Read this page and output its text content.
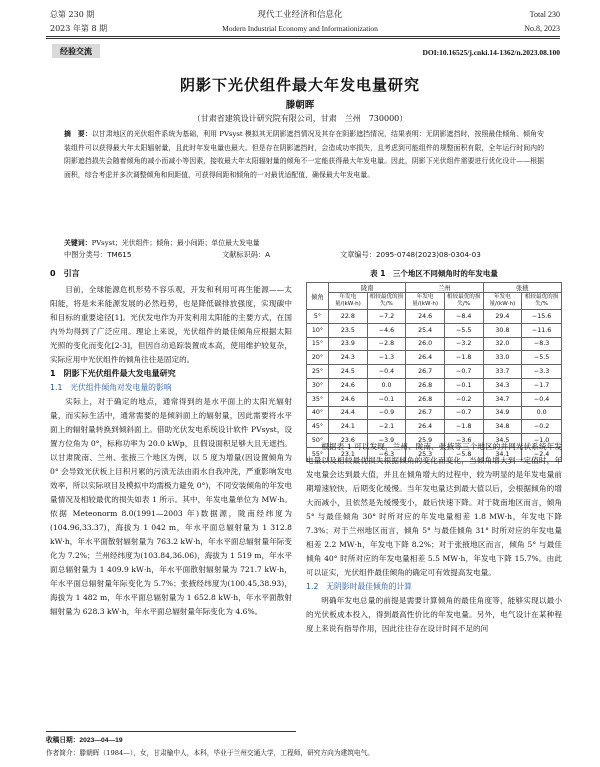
总第 230 期
2023 年第 8 期
现代工业经济和信息化
Modern Industrial Economy and Informationization
Total 230
No.8, 2023
经验交流	DOI:10.16525/j.cnki.14-1362/n.2023.08.100
阴影下光伏组件最大年发电量研究
滕朝晖
（甘肃省建筑设计研究院有限公司，甘肃　兰州　730000）
摘　要：以甘肃地区的光伏组件系统为基础，利用 PVsyst 模拟其无阴影遮挡情况及其存在阴影遮挡情况，结果表明：无阴影遮挡时，按照最佳倾角、倾角安装组件可以获得最大年太阳辐射量，且此时年发电量也最大。但是存在阴影遮挡时，会造成功率损失，且考虑到可能组件的规整面积有限，全年运行时间内的阴影遮挡损失会随着倾角的减小而减小等因素，接收最大年太阳辐射量的倾角不一定能获得最大年发电量。因此，阴影下光伏组件需要进行优化设计——根据面积，综合考虑并多次调整倾角和间距值，可获得间距和倾角的一对最优适配值，确保最大年发电量。
关键词：PVsyst；光伏组件；倾角；最小间距；单位最大发电量
中图分类号：TM615	文献标识码：A	文章编号：2095-0748(2023)08-0304-03
0　引言

目前，全球能源危机形势不容乐观，开发和利用可再生能源——太阳能，将是未来能源发展的必然趋势，也是降低碳排放强度，实现碳中和目标的重要途径[1]。光伏发电作为开发利用太阳能的主要方式，在国内外均得到了广泛应用。理论上来说，光伏组件的最佳倾角应根据太阳光照的变化而变化[2-3]，但因自动追踪装置成本高，使用维护较复杂，实际应用中光伏组件的倾角往往是固定的。

1　阴影下光伏组件最大发电量研究
1.1　光伏组件倾角对发电量的影响

实际上，对于确定的地点，通常得到的是水平面上的太阳光辐射量，而实际生活中，通常需要的是倾斜面上的辐射量，因此需要将水平面上的辐射量转换到倾斜面上。借助光伏发电系统设计软件 PVsyst，设置方位角为 0°，标称功率为 20.0 kWp，且假设面积足够大且无遮挡。以甘肃陇南、兰州、张掖三个地区为例，以 5 度为增量(因设置倾角为 0° 会导致光伏板上目积月累的污渍无法由雨水自我冲洗，严重影响发电效率，所以实际项目及模拟中均需极力避免 0°)，不同安装倾角的年发电量情况及相较最优的损失如表 1 所示。其中，年发电量单位为 MW·h。依据 Meteonorm 8.0(1991—2003 年)数据源，陇南经纬度为(104.96,33.37)，海拔为 1 042 m，年水平面总辐射量为 1 312.8 kW·h，年水平面散射辐射量为 763.2 kW·h，年水平面总辐射量年际变化为 7.2%；兰州经纬度为(103.84,36.06)，海拔为 1 519 m，年水平面总辐射量为 1 409.9 kW·h，年水平面散射辐射量为 721.7 kW·h，年水平面总辐射量年际变化为 5.7%；张掖经纬度为(100.45,38.93)，海拔为 1 482 m，年水平面总辐射量为 1 652.8 kW·h，年水平面散射辐射量为 628.3 kW·h，年水平面总辐射量年际变化为 4.6%。

表 1　三个地区不同倾角时的年发电量
倾角	陇南		兰州		张掖	
	年发电量/(kW·h)	相较最优的损失/%	年发电量/(kW·h)	相较最优的损失/%	年发电量/(kW·h)	相较最优的损失/%
5°	22.8	−7.2	24.6	−8.4	29.4	−15.6
10°	23.5	−4.6	25.4	−5.5	30.8	−11.6
15°	23.9	−2.8	26.0	−3.2	32.0	−8.3
20°	24.3	−1.3	26.4	−1.8	33.0	−5.5
25°	24.5	−0.4	26.7	−0.7	33.7	−3.3
30°	24.6	0.0	26.8	−0.1	34.3	−1.7
35°	24.6	−0.1	26.8	−0.2	34.7	−0.4
40°	24.4	−0.9	26.7	−0.7	34.9	0.0
45°	24.1	−2.1	26.4	−1.8	34.8	−0.2
50°	23.6	−3.9	25.9	−3.6	34.5	−1.0
55°	23.1	−6.3	25.3	−5.8	34.1	−2.4

根据表 1 可以发现，兰州、陇南、张掖等三个地区的并网光伏系统年发电量以及相较最优损失根据倾角的变化而变化，当倾角增大到一定值时，年发电量会达到最大值，并且在倾角增大的过程中，较为明显的是年发电量前期增速较快，后期变化缓慢。当年发电量达到最大值以后，会根据倾角的增大而减小，且依然是先缓慢变小，最后快速下降。对于陇南地区而言，倾角 5° 与最佳倾角 30° 时所对应的年发电量相差 1.8 MW·h，年发电下降 7.3%；对于兰州地区而言，倾角 5° 与最佳倾角 31° 时所对应的年发电量相差 2.2 MW·h，年发电下降 8.2%；对于张掖地区而言，倾角 5° 与最佳倾角 40° 时所对应的年发电量相差 5.5 MW·h，年发电下降 15.7%。由此可以证实，光伏组件最佳倾角的确定可有效提高发电量。

1.2　无阴影时最佳倾角的计算

明确年发电总量的前提是需要计算倾角的最佳角度等，能够实现以最小的光伏板成本投入，得到最高性价比的年发电量。另外，电气设计在某种程度上来说有指导作用，因此往往存在设计时间不足的问

收稿日期：2023—04—19
作者简介：滕朝晖（1984—），女，甘肃榆中人，本科，毕业于兰州交通大学，工程师，研究方向为建筑电气。
